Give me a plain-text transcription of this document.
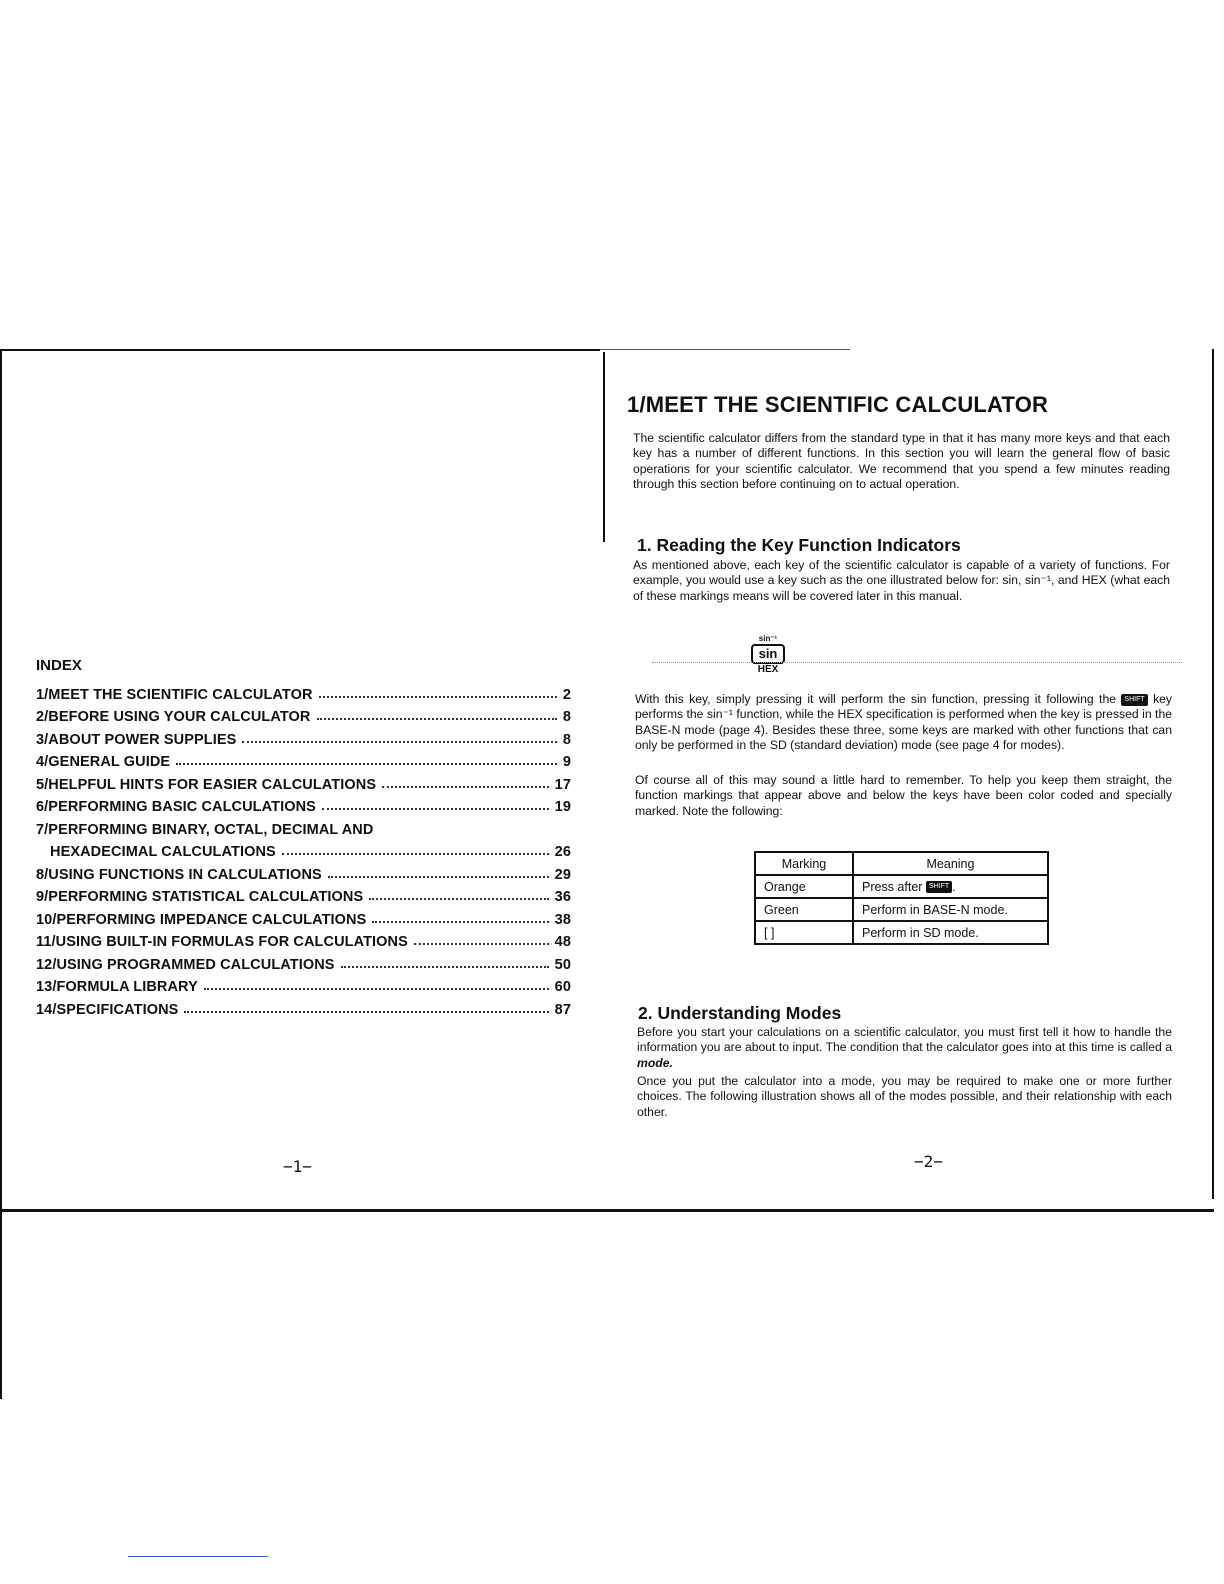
INDEX
1/MEET THE SCIENTIFIC CALCULATOR	2
2/BEFORE USING YOUR CALCULATOR	8
3/ABOUT POWER SUPPLIES	8
4/GENERAL GUIDE	9
5/HELPFUL HINTS FOR EASIER CALCULATIONS	17
6/PERFORMING BASIC CALCULATIONS	19
7/PERFORMING BINARY, OCTAL, DECIMAL AND
HEXADECIMAL CALCULATIONS	26
8/USING FUNCTIONS IN CALCULATIONS	29
9/PERFORMING STATISTICAL CALCULATIONS	36
10/PERFORMING IMPEDANCE CALCULATIONS	38
11/USING BUILT-IN FORMULAS FOR CALCULATIONS	48
12/USING PROGRAMMED CALCULATIONS	50
13/FORMULA LIBRARY	60
14/SPECIFICATIONS	87
−1−
1/MEET THE SCIENTIFIC CALCULATOR
The scientific calculator differs from the standard type in that it has many more keys and that each key has a number of different functions. In this section you will learn the general flow of basic operations for your scientific calculator. We recommend that you spend a few minutes reading through this section before continuing on to actual operation.
1. Reading the Key Function Indicators
As mentioned above, each key of the scientific calculator is capable of a variety of functions. For example, you would use a key such as the one illustrated below for: sin, sin⁻¹, and HEX (what each of these markings means will be covered later in this manual.
sin⁻¹
sin
HEX
With this key, simply pressing it will perform the sin function, pressing it following the SHIFT key performs the sin⁻¹ function, while the HEX specification is performed when the key is pressed in the BASE-N mode (page 4). Besides these three, some keys are marked with other functions that can only be performed in the SD (standard deviation) mode (see page 4 for modes).
Of course all of this may sound a little hard to remember. To help you keep them straight, the function markings that appear above and below the keys have been color coded and specially marked. Note the following:
Marking	Meaning
Orange	Press after SHIFT .
Green	Perform in BASE-N mode.
[ ]	Perform in SD mode.
2. Understanding Modes
Before you start your calculations on a scientific calculator, you must first tell it how to handle the information you are about to input. The condition that the calculator goes into at this time is called a mode.
Once you put the calculator into a mode, you may be required to make one or more further choices. The following illustration shows all of the modes possible, and their relationship with each other.
−2−
